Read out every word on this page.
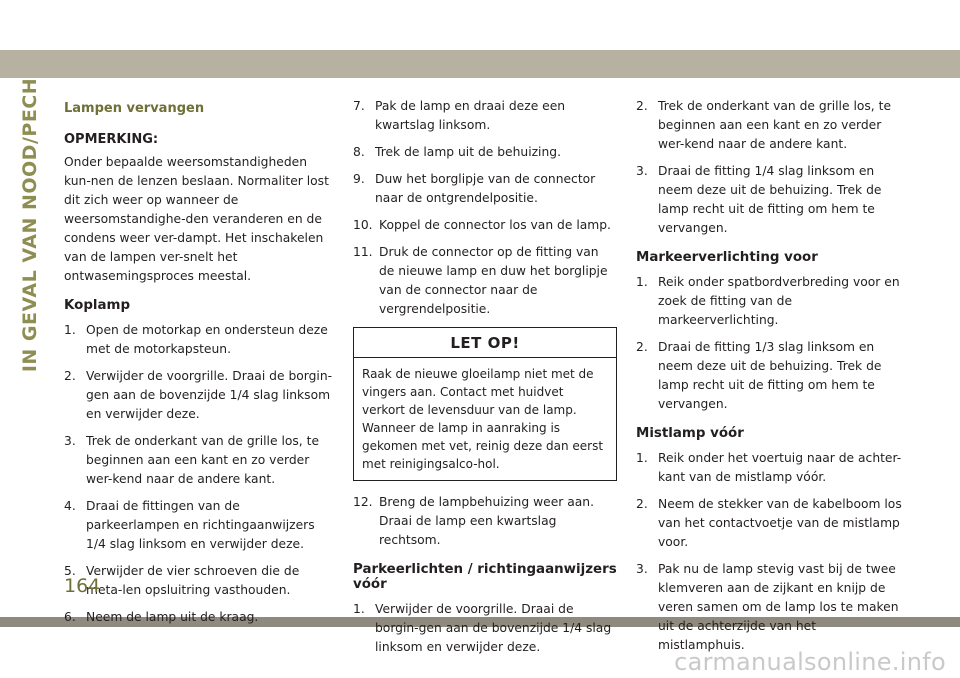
IN GEVAL VAN NOOD/PECH Lampen vervangen
OPMERKING:

Onder bepaalde weersomstandigheden kun-nen de lenzen beslaan. Normaliter lost dit zich weer op wanneer de weersomstandighe-den veranderen en de condens weer ver-dampt. Het inschakelen van de lampen ver-snelt het ontwasemingsproces meestal.

Koplamp
1. Open de motorkap en ondersteun deze met de motorkapsteun.
2. Verwijder de voorgrille. Draai de borgin-gen aan de bovenzijde 1/4 slag linksom en verwijder deze.
3. Trek de onderkant van de grille los, te beginnen aan een kant en zo verder wer-kend naar de andere kant.
4. Draai de fittingen van de parkeerlampen en richtingaanwijzers 1/4 slag linksom en verwijder deze.
5. Verwijder de vier schroeven die de meta-len opsluitring vasthouden.
6. Neem de lamp uit de kraag.
7. Pak de lamp en draai deze een kwartslag linksom.
8. Trek de lamp uit de behuizing.
9. Duw het borglipje van de connector naar de ontgrendelpositie.
10. Koppel de connector los van de lamp.
11. Druk de connector op de fitting van de nieuwe lamp en duw het borglipje van de connector naar de vergrendelpositie.
LET OP!
Raak de nieuwe gloeilamp niet met de vingers aan. Contact met huidvet verkort de levensduur van de lamp. Wanneer de lamp in aanraking is gekomen met vet, reinig deze dan eerst met reinigingsalco-hol.
12. Breng de lampbehuizing weer aan. Draai de lamp een kwartslag rechtsom.
Parkeerlichten / richtingaanwijzers vóór
1. Verwijder de voorgrille. Draai de borgin-gen aan de bovenzijde 1/4 slag linksom en verwijder deze.
2. Trek de onderkant van de grille los, te beginnen aan een kant en zo verder wer-kend naar de andere kant.
3. Draai de fitting 1/4 slag linksom en neem deze uit de behuizing. Trek de lamp recht uit de fitting om hem te vervangen.
Markeerverlichting voor
1. Reik onder spatbordverbreding voor en zoek de fitting van de markeerverlichting.
2. Draai de fitting 1/3 slag linksom en neem deze uit de behuizing. Trek de lamp recht uit de fitting om hem te vervangen.
Mistlamp vóór
1. Reik onder het voertuig naar de achter-kant van de mistlamp vóór.
2. Neem de stekker van de kabelboom los van het contactvoetje van de mistlamp voor.
3. Pak nu de lamp stevig vast bij de twee klemveren aan de zijkant en knijp de veren samen om de lamp los te maken uit de achterzijde van het mistlamphuis.
164
carmanualsonline.info
